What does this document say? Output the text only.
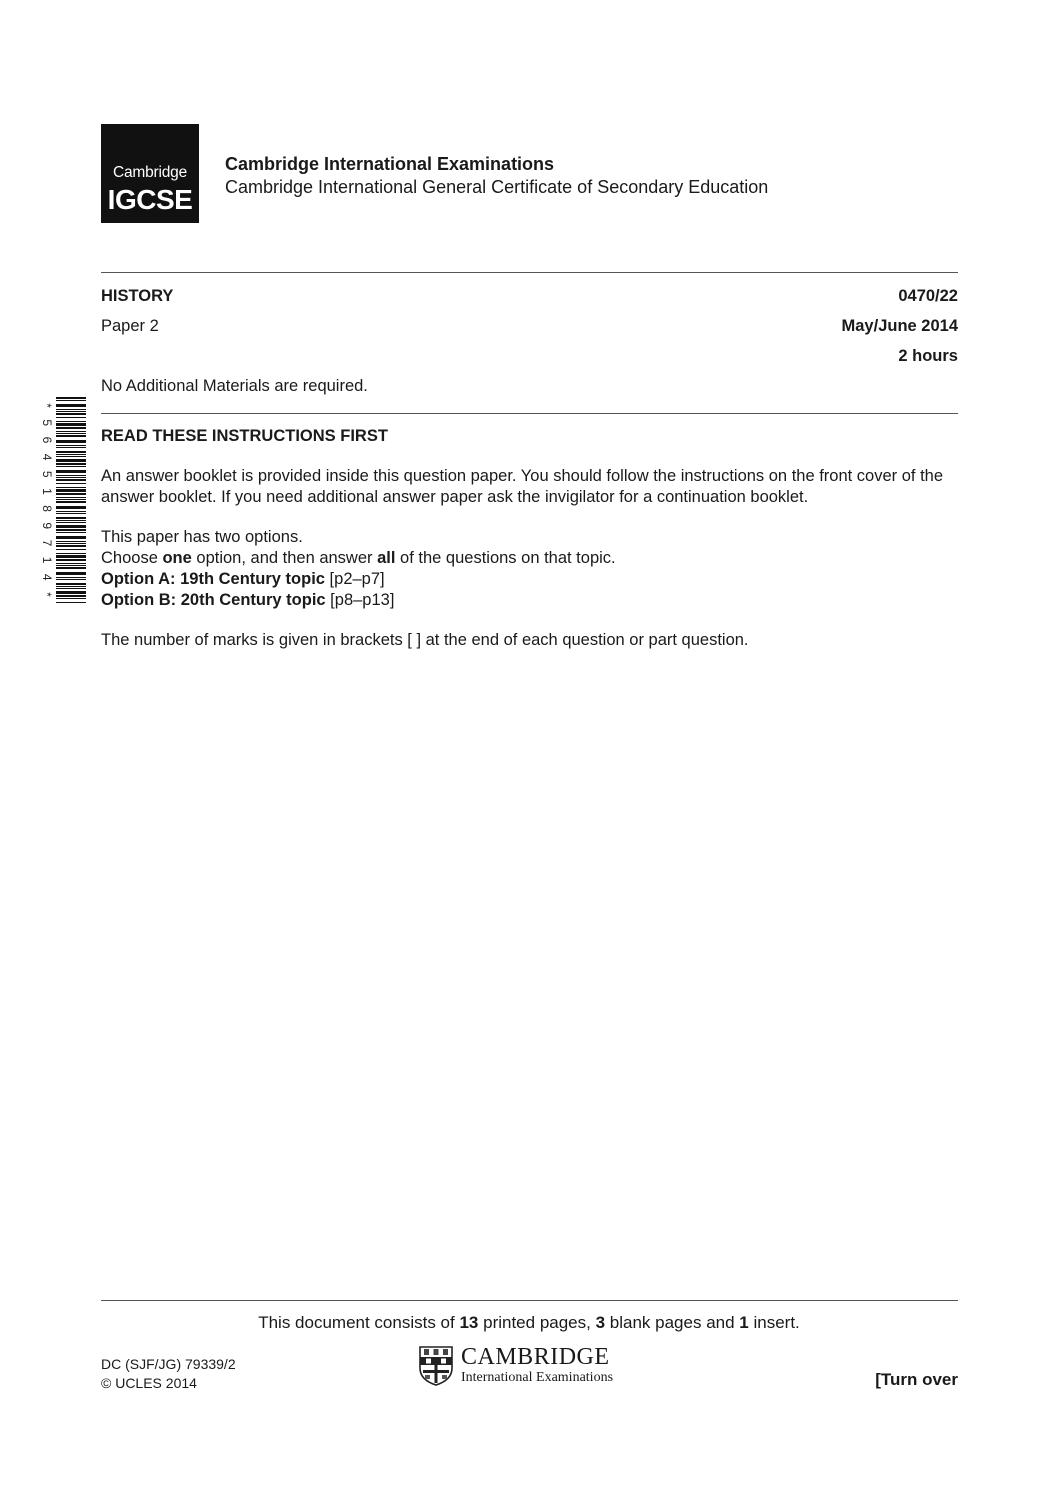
Cambridge
IGCSE
Cambridge International Examinations
Cambridge International General Certificate of Secondary Education
HISTORY	0470/22
Paper 2	May/June 2014
2 hours
No Additional Materials are required.
*
5
6
4
5
1
8
9
7
1
4
*
READ THESE INSTRUCTIONS FIRST
An answer booklet is provided inside this question paper. You should follow the instructions on the front cover of the answer booklet. If you need additional answer paper ask the invigilator for a continuation booklet.
This paper has two options.
Choose one option, and then answer all of the questions on that topic.
Option A: 19th Century topic [p2–p7]
Option B: 20th Century topic [p8–p13]
The number of marks is given in brackets [ ] at the end of each question or part question.
This document consists of 13 printed pages, 3 blank pages and 1 insert.
DC (SJF/JG) 79339/2
© UCLES 2014
CAMBRIDGE
International Examinations	[Turn over
